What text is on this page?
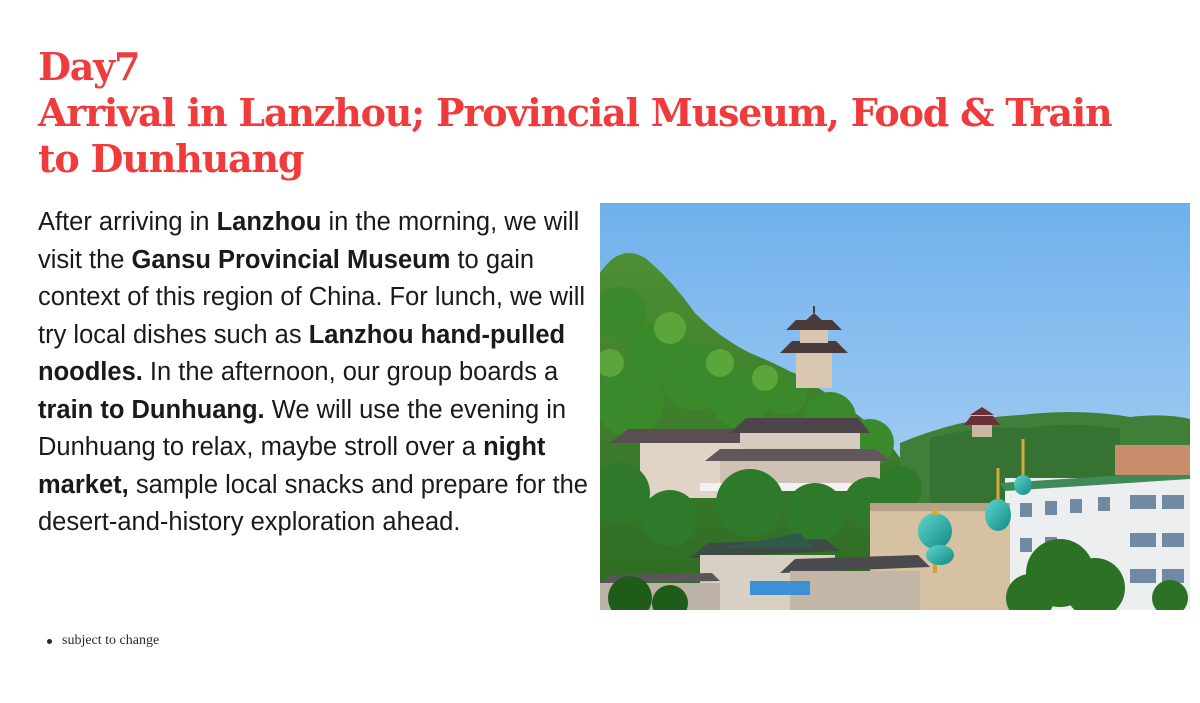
Day7
Arrival in Lanzhou; Provincial Museum, Food & Train
to Dunhuang

After arriving in Lanzhou in the morning, we will visit the Gansu Provincial Museum to gain context of this region of China. For lunch, we will try local dishes such as Lanzhou hand-pulled noodles. In the afternoon, our group boards a train to Dunhuang. We will use the evening in Dunhuang to relax, maybe stroll over a night market, sample local snacks and prepare for the desert-and-history exploration ahead.

subject to change
